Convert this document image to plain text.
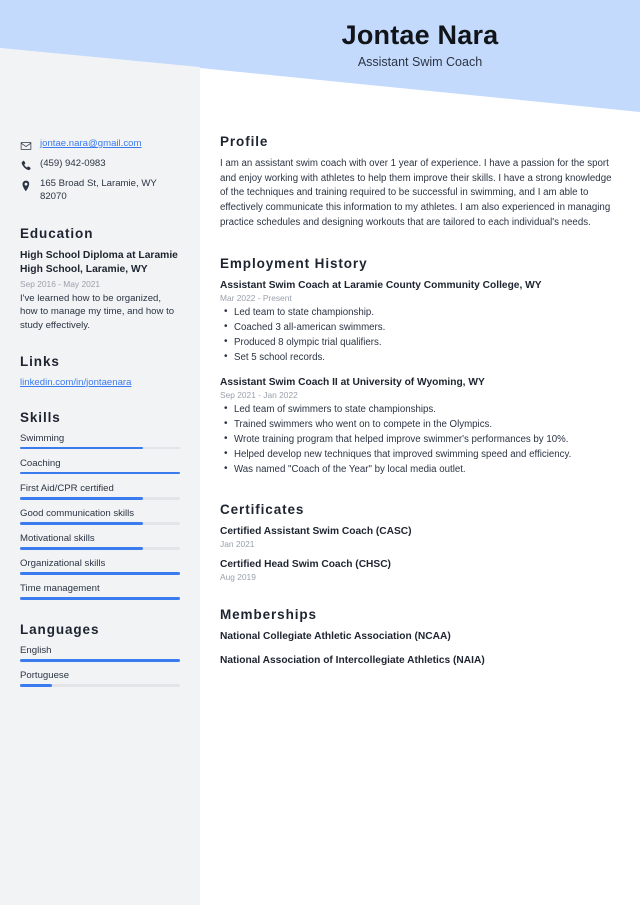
Jontae Nara
Assistant Swim Coach
jontae.nara@gmail.com
(459) 942-0983
165 Broad St, Laramie, WY 82070
Education
High School Diploma at Laramie High School, Laramie, WY
Sep 2016 - May 2021
I've learned how to be organized, how to manage my time, and how to study effectively.
Links
linkedin.com/in/jontaenara
Skills
Swimming
Coaching
First Aid/CPR certified
Good communication skills
Motivational skills
Organizational skills
Time management
Languages
English
Portuguese
Profile
I am an assistant swim coach with over 1 year of experience. I have a passion for the sport and enjoy working with athletes to help them improve their skills. I have a strong knowledge of the techniques and training required to be successful in swimming, and I am able to effectively communicate this information to my athletes. I am also experienced in managing practice schedules and designing workouts that are tailored to each individual's needs.
Employment History
Assistant Swim Coach at Laramie County Community College, WY
Mar 2022 - Present
• Led team to state championship.
• Coached 3 all-american swimmers.
• Produced 8 olympic trial qualifiers.
• Set 5 school records.
Assistant Swim Coach II at University of Wyoming, WY
Sep 2021 - Jan 2022
• Led team of swimmers to state championships.
• Trained swimmers who went on to compete in the Olympics.
• Wrote training program that helped improve swimmer's performances by 10%.
• Helped develop new techniques that improved swimming speed and efficiency.
• Was named "Coach of the Year" by local media outlet.
Certificates
Certified Assistant Swim Coach (CASC)
Jan 2021
Certified Head Swim Coach (CHSC)
Aug 2019
Memberships
National Collegiate Athletic Association (NCAA)
National Association of Intercollegiate Athletics (NAIA)
